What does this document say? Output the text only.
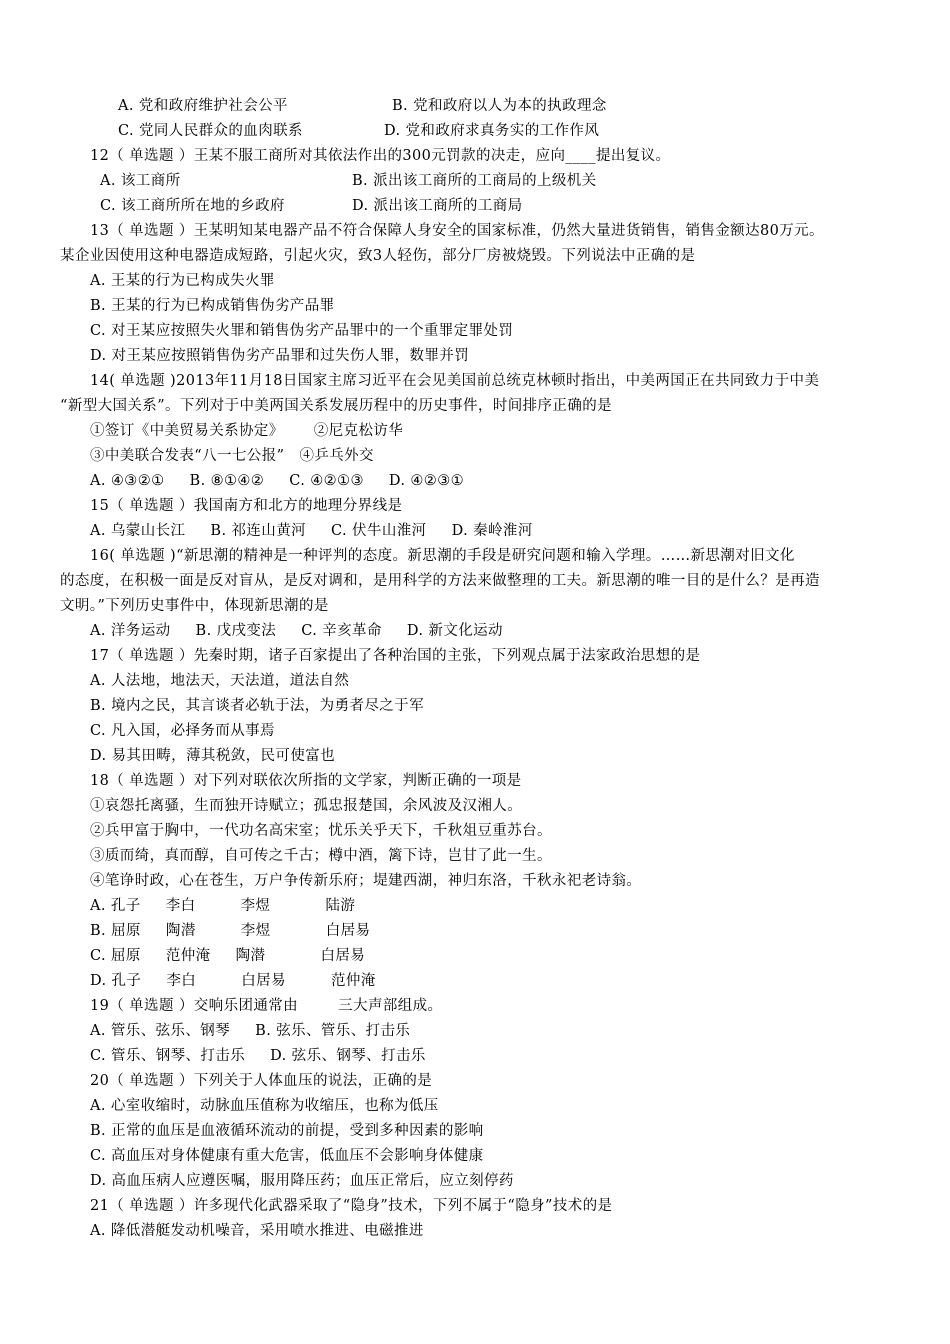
A. 党和政府维护社会公平	B. 党和政府以人为本的执政理念
C. 党同人民群众的血肉联系	D. 党和政府求真务实的工作作风
12（ 单选题 ）王某不服工商所对其依法作出的300元罚款的决走，应向____提出复议。
A. 该工商所	B. 派出该工商所的工商局的上级机关
C. 该工商所所在地的乡政府	D. 派出该工商所的工商局
13（ 单选题 ）王某明知某电器产品不符合保障人身安全的国家标准，仍然大量进货销售，销售金额达80万元。
某企业因使用这种电器造成短路，引起火灾，致3人轻伤，部分厂房被烧毁。下列说法中正确的是
A. 王某的行为已构成失火罪
B. 王某的行为已构成销售伪劣产品罪
C. 对王某应按照失火罪和销售伪劣产品罪中的一个重罪定罪处罚
D. 对王某应按照销售伪劣产品罪和过失伤人罪，数罪并罚
14( 单选题 )2013年11月18日国家主席习近平在会见美国前总统克林顿时指出，中美两国正在共同致力于中美
“新型大国关系”。下列对于中美两国关系发展历程中的历史事件，时间排序正确的是
①签订《中美贸易关系协定》      ②尼克松访华
③中美联合发表“八一七公报”   ④乒乓外交
A. ④③②①     B. ⑧①④②     C. ④②①③     D. ④②③①
15（ 单选题 ）我国南方和北方的地理分界线是
A. 乌蒙山长江     B. 祁连山黄河     C. 伏牛山淮河     D. 秦岭淮河
16( 单选题 )“新思潮的精神是一种评判的态度。新思潮的手段是研究问题和输入学理。……新思潮对旧文化
的态度，在积极一面是反对盲从，是反对调和，是用科学的方法来做整理的工夫。新思潮的唯一目的是什么？是再造
文明。”下列历史事件中，体现新思潮的是
A. 洋务运动     B. 戊戌变法     C. 辛亥革命     D. 新文化运动
17（ 单选题 ）先秦时期，诸子百家提出了各种治国的主张，下列观点属于法家政治思想的是
A. 人法地，地法天，天法道，道法自然
B. 境内之民，其言谈者必轨于法，为勇者尽之于军
C. 凡入国，必择务而从事焉
D. 易其田畴，薄其税敛，民可使富也
18（ 单选题 ）对下列对联依次所指的文学家，判断正确的一项是
①哀怨托离骚，生而独开诗赋立；孤忠报楚国，余风波及汉湘人。
②兵甲富于胸中，一代功名高宋室；忧乐关乎天下，千秋俎豆重苏台。
③质而绮，真而醇，自可传之千古；樽中酒，篱下诗，岂甘了此一生。
④笔诤时政，心在苍生，万户争传新乐府；堤建西湖，神归东洛，千秋永祀老诗翁。
A. 孔子     李白         李煜           陆游
B. 屈原     陶潜         李煜           白居易
C. 屈原     范仲淹     陶潜           白居易
D. 孔子     李白         白居易         范仲淹
19（ 单选题 ）交响乐团通常由        三大声部组成。
A. 管乐、弦乐、钢琴     B. 弦乐、管乐、打击乐
C. 管乐、钢琴、打击乐     D. 弦乐、钢琴、打击乐
20（ 单选题 ）下列关于人体血压的说法，正确的是
A. 心室收缩时，动脉血压值称为收缩压，也称为低压
B. 正常的血压是血液循环流动的前提，受到多种因素的影响
C. 高血压对身体健康有重大危害，低血压不会影响身体健康
D. 高血压病人应遵医嘱，服用降压药；血压正常后，应立刻停药
21（ 单选题 ）许多现代化武器采取了“隐身”技术，下列不属于“隐身”技术的是
A. 降低潜艇发动机噪音，采用喷水推进、电磁推进
